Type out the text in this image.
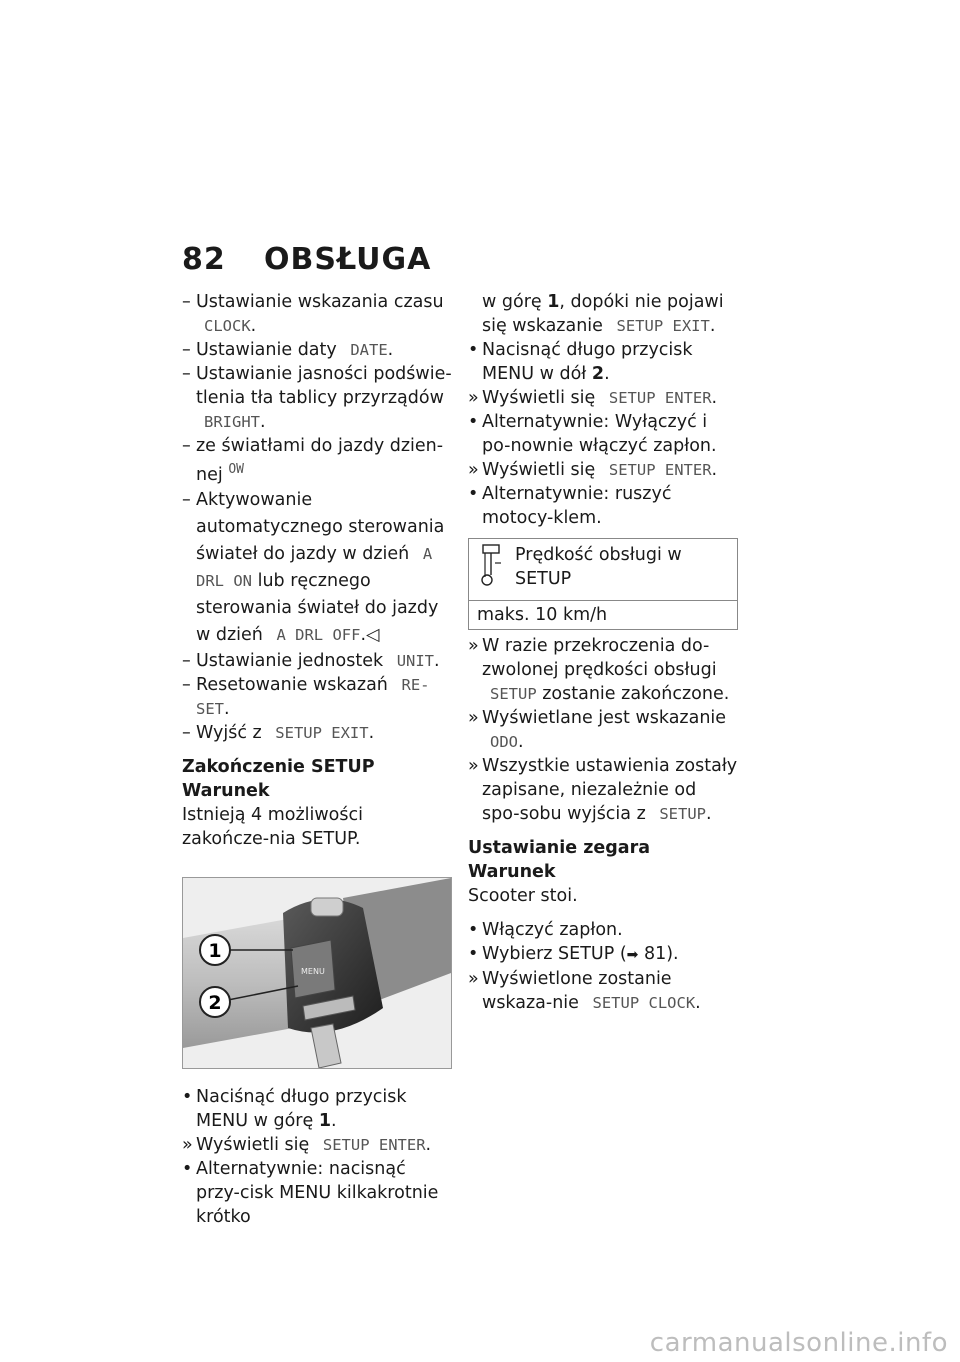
82 OBSŁUGA

– Ustawianie wskazania czasu
CLOCK.

– Ustawianie daty DATE.

– Ustawianie jasności podświe-tlenia tła tablicy przyrządów
BRIGHT.

– ze światłami do jazdy dzien-nej $^{OW}$

– Aktywowanie automatycznego sterowania świateł do jazdy w dzień A DRL ON lub ręcznego sterowania świateł do jazdy w dzień A DRL OFF.◁

– Ustawianie jednostek UNIT.

– Resetowanie wskazań RE-SET.

– Wyjść z SETUP EXIT.

Zakończenie SETUP

Warunek

Istnieją 4 możliwości zakończe-nia SETUP.

MENU
1
2

• Naciśnąć długo przycisk MENU w górę 1.

» Wyświetli się SETUP ENTER.

• Alternatywnie: nacisnąć przy-cisk MENU kilkakrotnie krótko

w górę 1, dopóki nie pojawi się wskazanie SETUP EXIT.

• Nacisnąć długo przycisk MENU w dół 2.

» Wyświetli się SETUP ENTER.

• Alternatywnie: Wyłączyć i po-nownie włączyć zapłon.

» Wyświetli się SETUP ENTER.

• Alternatywnie: ruszyć motocy-klem.

Prędkość obsługi w SETUP
maks. 10 km/h

» W razie przekroczenia do-zwolonej prędkości obsługi SETUP zostanie zakończone.

» Wyświetlane jest wskazanie ODO.

» Wszystkie ustawienia zostały zapisane, niezależnie od spo-sobu wyjścia z SETUP.

Ustawianie zegara

Warunek

Scooter stoi.

• Włączyć zapłon.

• Wybierz SETUP (➡ 81).

» Wyświetlone zostanie wskaza-nie SETUP CLOCK.

carmanualsonline.info
